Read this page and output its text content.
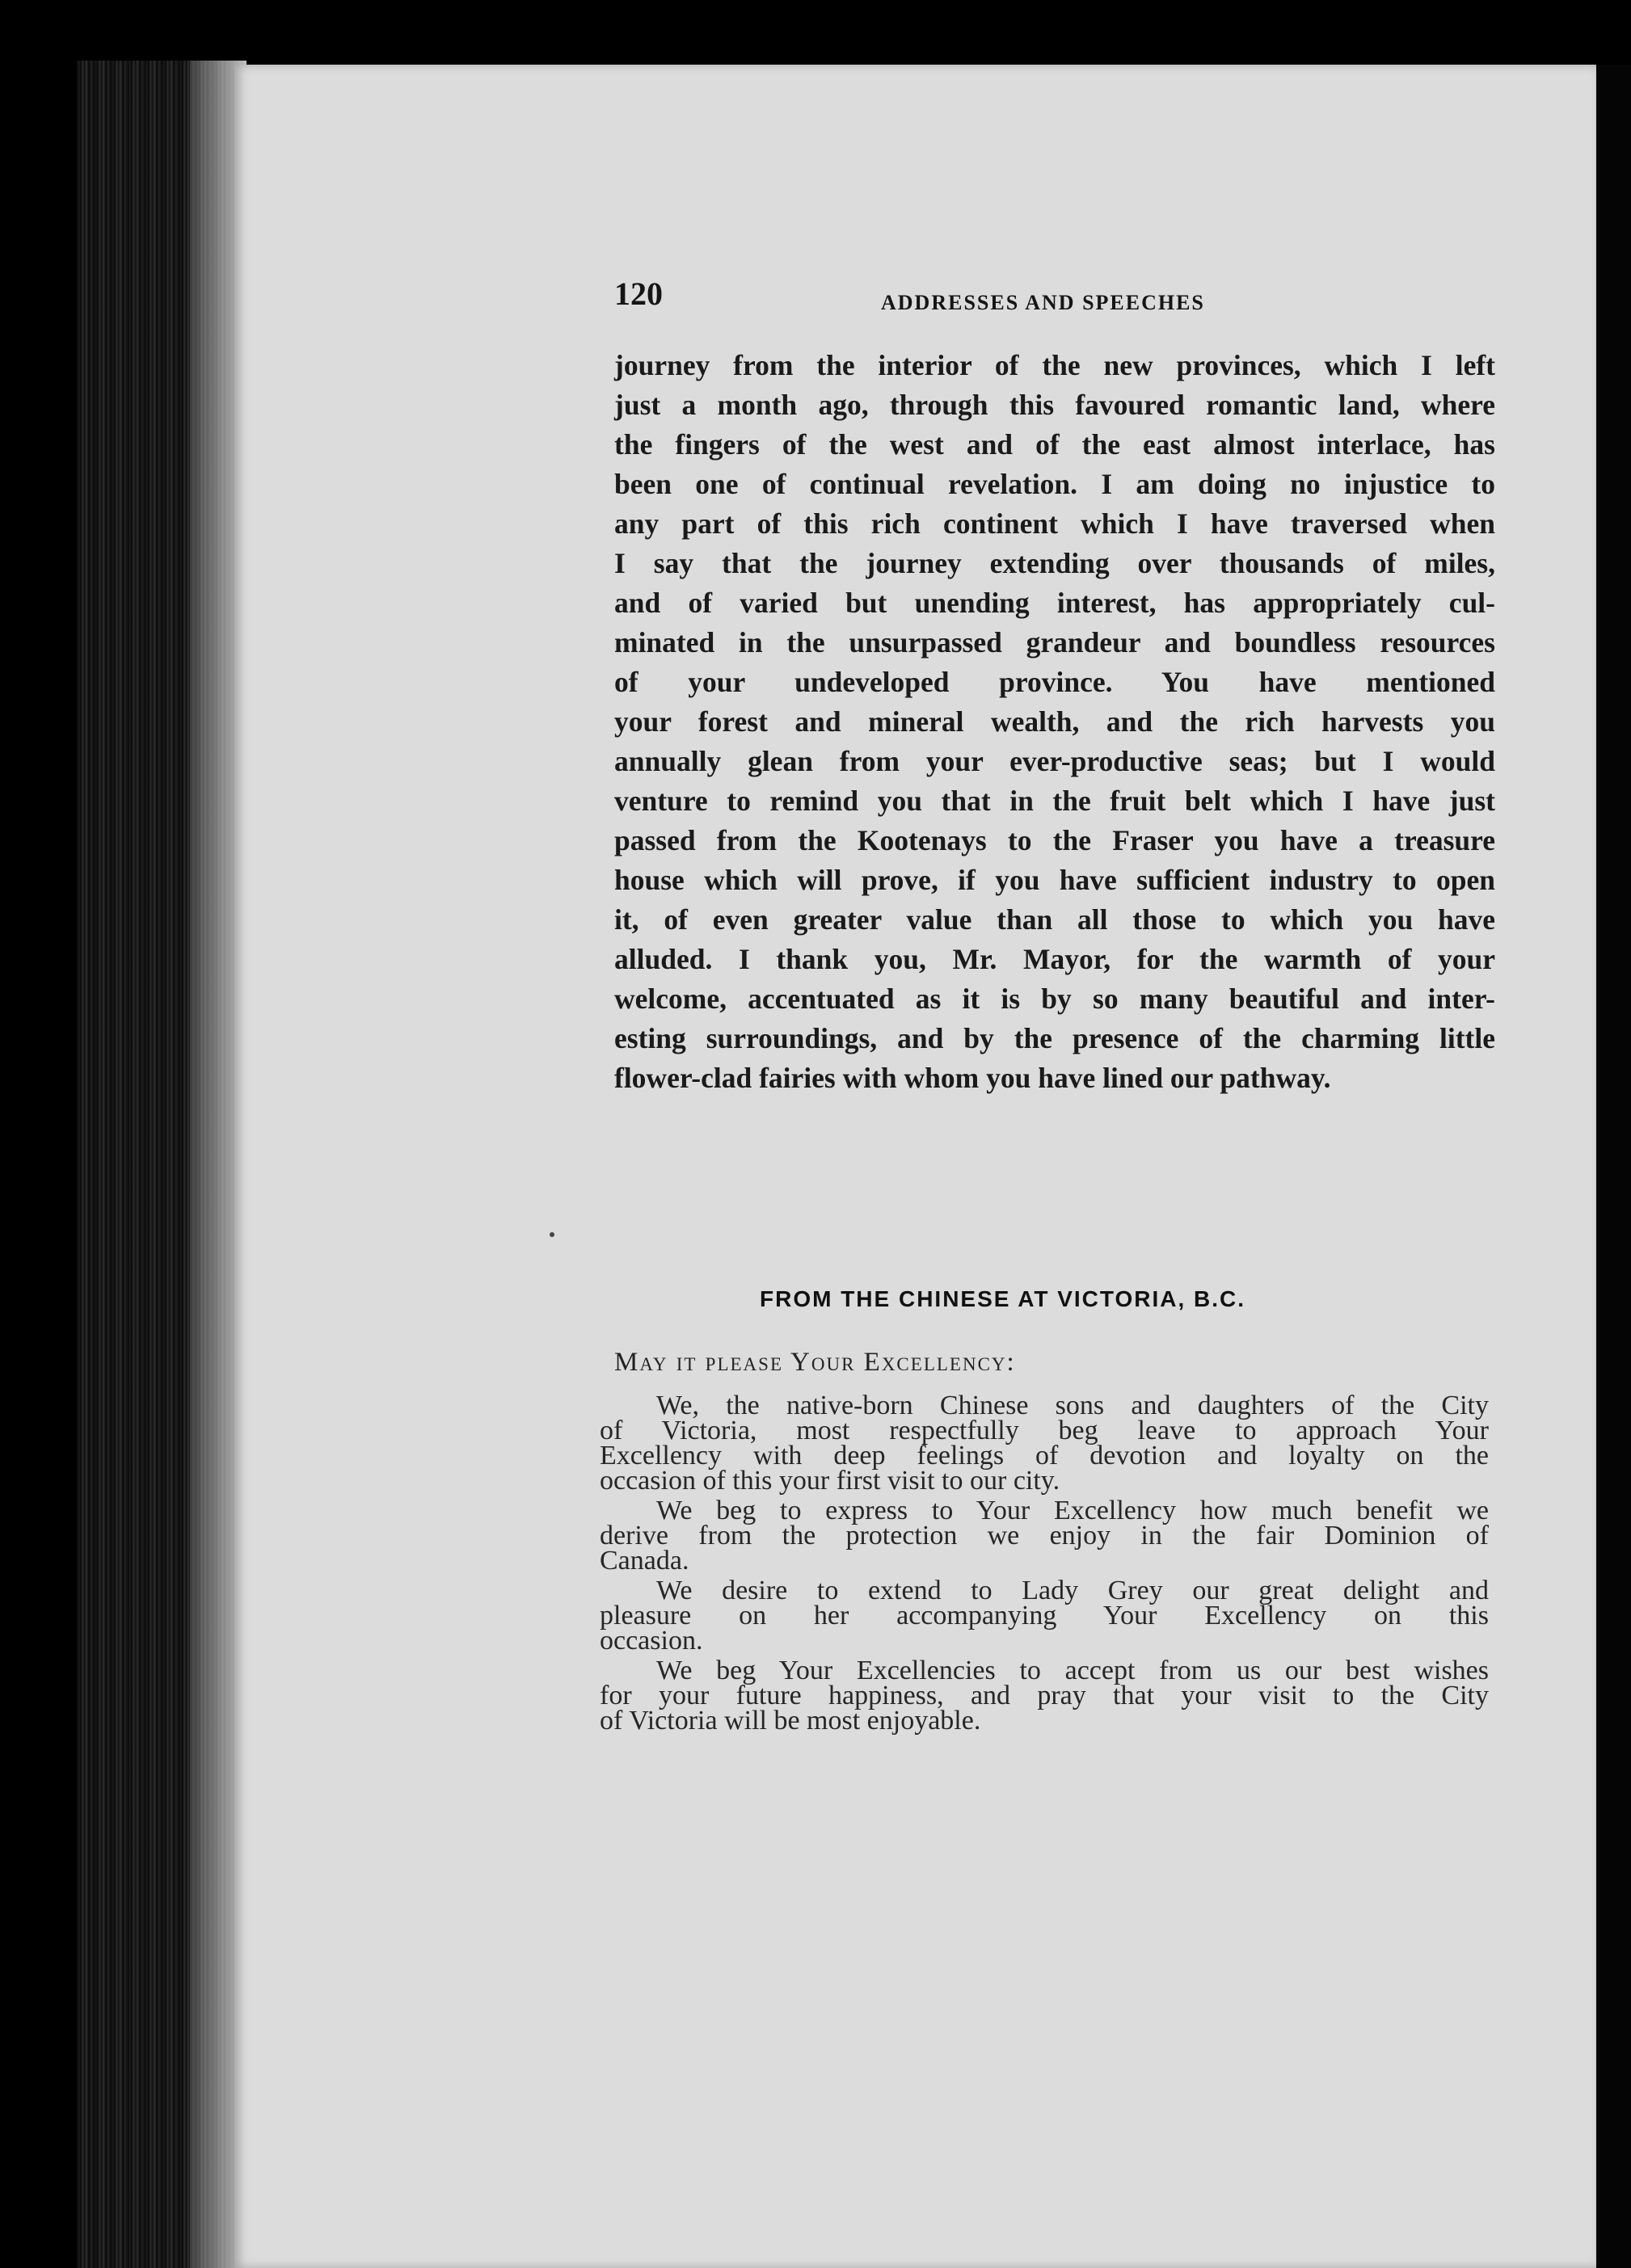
120	ADDRESSES AND SPEECHES
journey from the interior of the new provinces, which I left
just a month ago, through this favoured romantic land, where
the fingers of the west and of the east almost interlace, has
been one of continual revelation. I am doing no injustice to
any part of this rich continent which I have traversed when
I say that the journey extending over thousands of miles,
and of varied but unending interest, has appropriately cul-
minated in the unsurpassed grandeur and boundless resources
of your undeveloped province. You have mentioned
your forest and mineral wealth, and the rich harvests you
annually glean from your ever-productive seas; but I would
venture to remind you that in the fruit belt which I have just
passed from the Kootenays to the Fraser you have a treasure
house which will prove, if you have sufficient industry to open
it, of even greater value than all those to which you have
alluded. I thank you, Mr. Mayor, for the warmth of your
welcome, accentuated as it is by so many beautiful and inter-
esting surroundings, and by the presence of the charming little
flower-clad fairies with whom you have lined our pathway.
FROM THE CHINESE AT VICTORIA, B.C.
May it please Your Excellency:
We, the native-born Chinese sons and daughters of the City
of Victoria, most respectfully beg leave to approach Your
Excellency with deep feelings of devotion and loyalty on the
occasion of this your first visit to our city.
We beg to express to Your Excellency how much benefit we
derive from the protection we enjoy in the fair Dominion of
Canada.
We desire to extend to Lady Grey our great delight and
pleasure on her accompanying Your Excellency on this
occasion.
We beg Your Excellencies to accept from us our best wishes
for your future happiness, and pray that your visit to the City
of Victoria will be most enjoyable.
